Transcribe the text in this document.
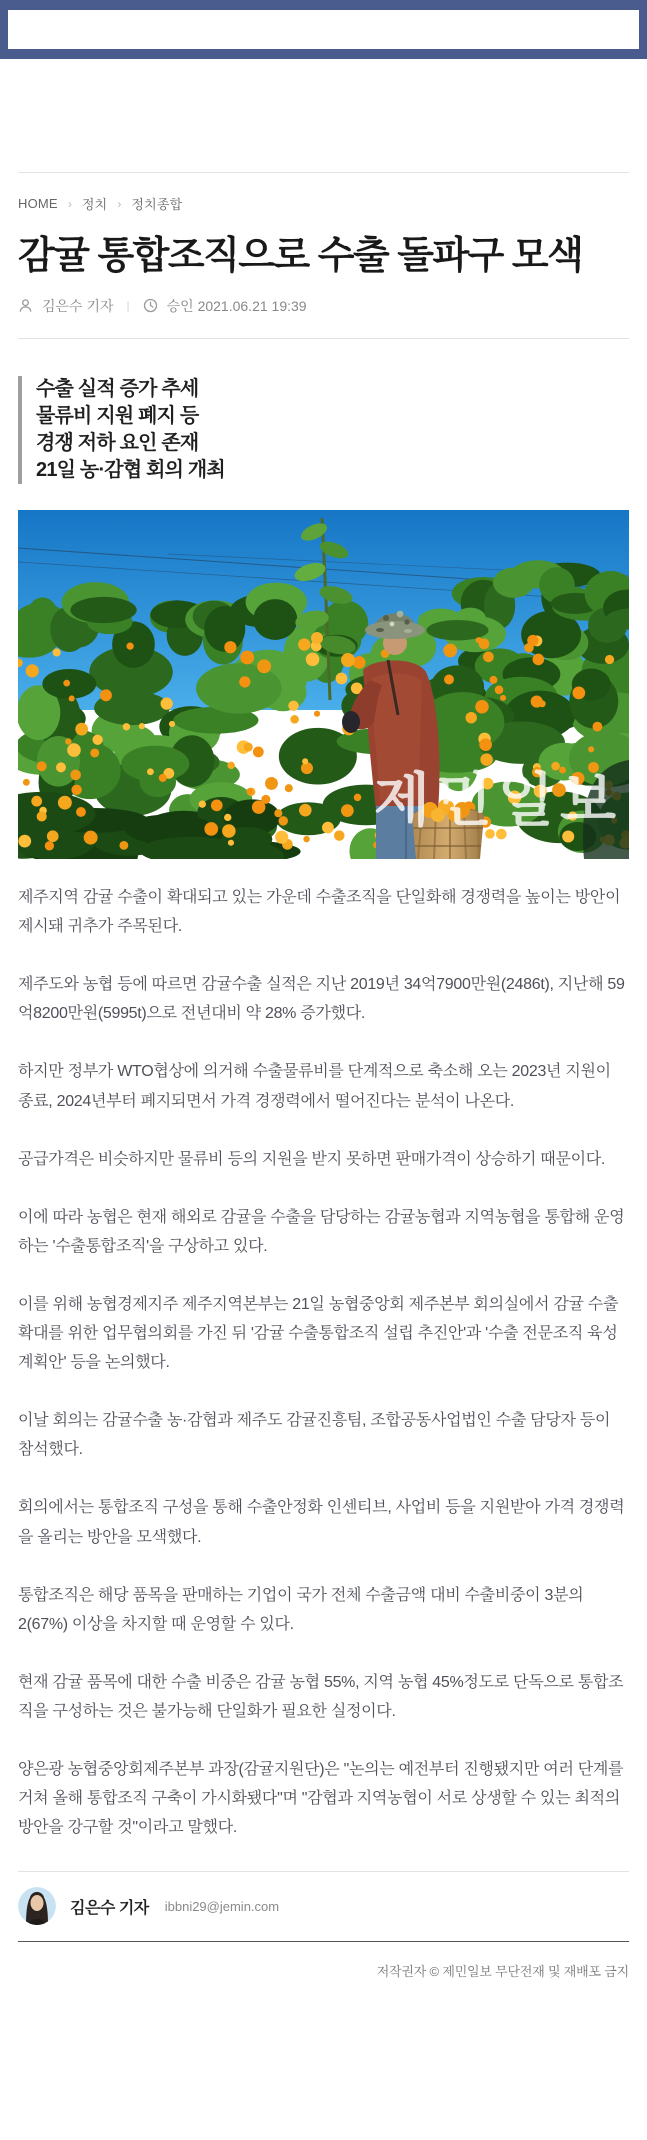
HOME › 정치 › 정치종합
감귤 통합조직으로 수출 돌파구 모색
김은수 기자	|	승인 2021.06.21 19:39
수출 실적 증가 추세
물류비 지원 폐지 등
경쟁 저하 요인 존재
21일 농·감협 회의 개최
제민일보

제주지역 감귤 수출이 확대되고 있는 가운데 수출조직을 단일화해 경쟁력을 높이는 방안이 제시돼 귀추가 주목된다.

제주도와 농협 등에 따르면 감귤수출 실적은 지난 2019년 34억7900만원(2486t), 지난해 59억8200만원(5995t)으로 전년대비 약 28% 증가했다.

하지만 정부가 WTO협상에 의거해 수출물류비를 단계적으로 축소해 오는 2023년 지원이 종료, 2024년부터 폐지되면서 가격 경쟁력에서 떨어진다는 분석이 나온다.

공급가격은 비슷하지만 물류비 등의 지원을 받지 못하면 판매가격이 상승하기 때문이다.

이에 따라 농협은 현재 해외로 감귤을 수출을 담당하는 감귤농협과 지역농협을 통합해 운영하는 '수출통합조직'을 구상하고 있다.

이를 위해 농협경제지주 제주지역본부는 21일 농협중앙회 제주본부 회의실에서 감귤 수출 확대를 위한 업무협의회를 가진 뒤 '감귤 수출통합조직 설립 추진안'과 '수출 전문조직 육성계획안' 등을 논의했다.

이날 회의는 감귤수출 농·감협과 제주도 감귤진흥팀, 조합공동사업법인 수출 담당자 등이 참석했다.

회의에서는 통합조직 구성을 통해 수출안정화 인센티브, 사업비 등을 지원받아 가격 경쟁력을 올리는 방안을 모색했다.

통합조직은 해당 품목을 판매하는 기업이 국가 전체 수출금액 대비 수출비중이 3분의 2(67%) 이상을 차지할 때 운영할 수 있다.

현재 감귤 품목에 대한 수출 비중은 감귤 농협 55%, 지역 농협 45%정도로 단독으로 통합조직을 구성하는 것은 불가능해 단일화가 필요한 실정이다.

양은광 농협중앙회제주본부 과장(감귤지원단)은 "논의는 예전부터 진행됐지만 여러 단계를 거쳐 올해 통합조직 구축이 가시화됐다"며 "감협과 지역농협이 서로 상생할 수 있는 최적의 방안을 강구할 것"이라고 말했다.

김은수 기자 ibbni29@jemin.com
저작권자 © 제민일보 무단전재 및 재배포 금지
